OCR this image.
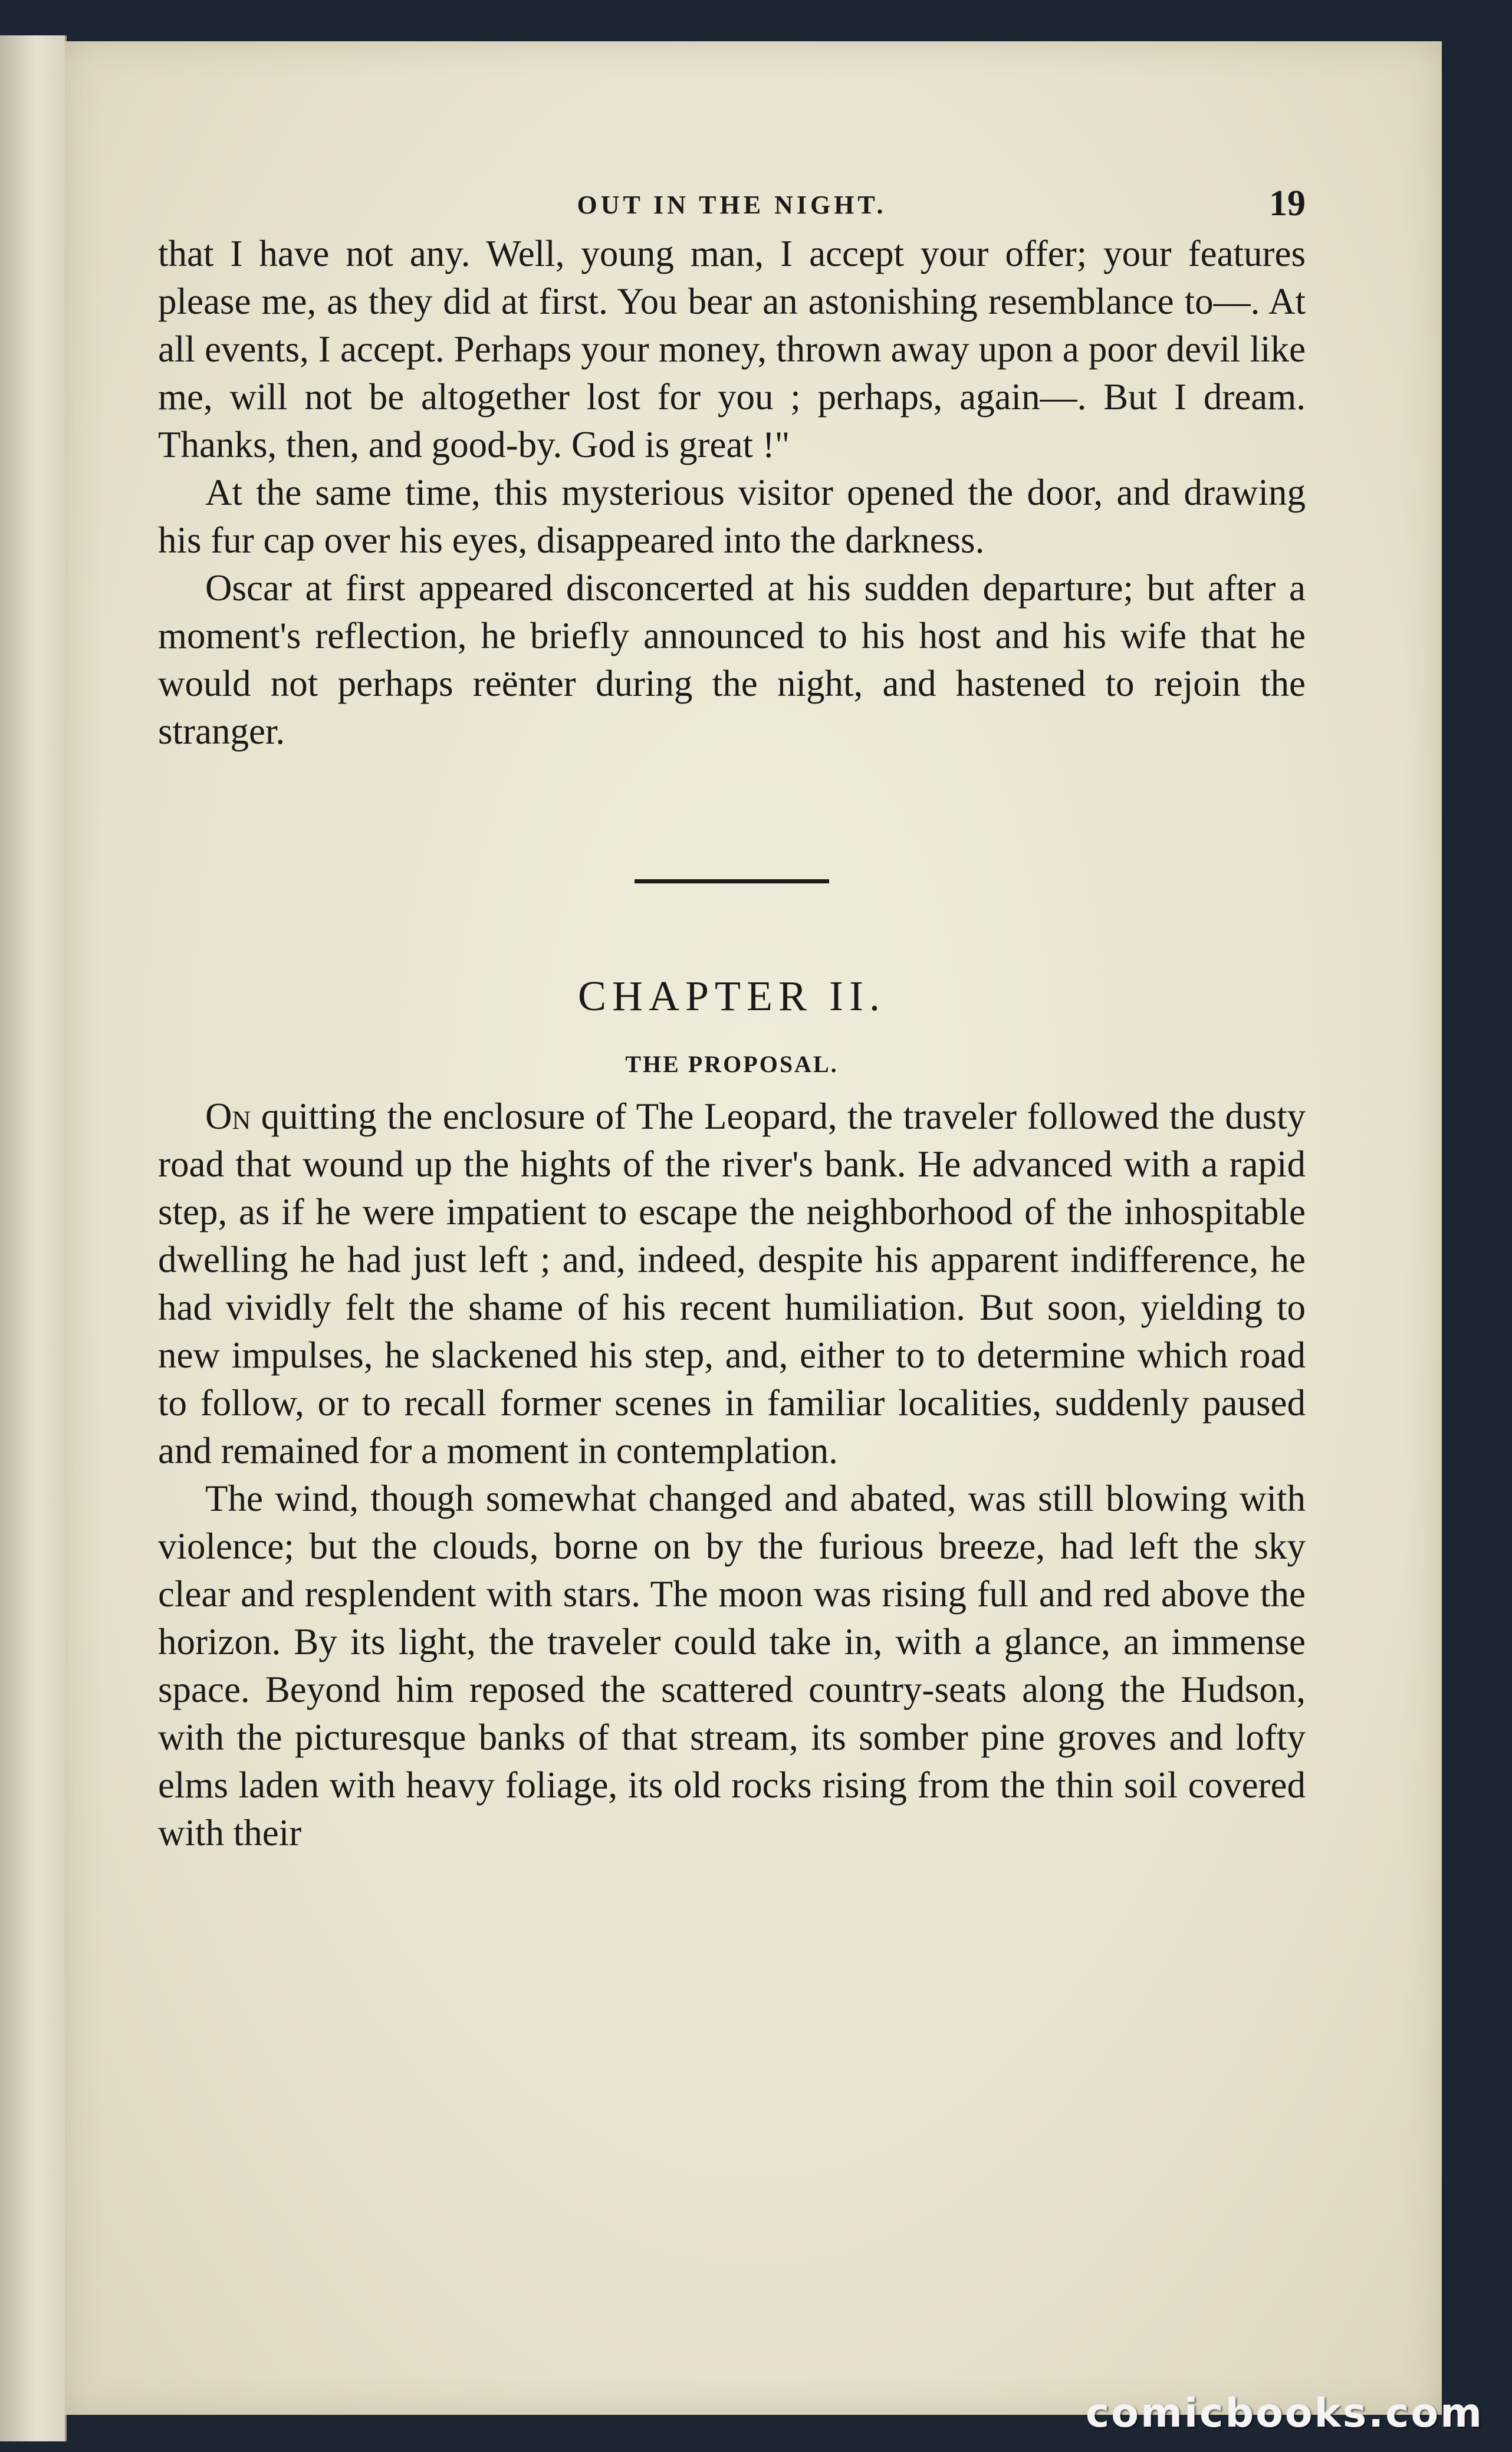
OUT IN THE NIGHT.	19

that I have not any. Well, young man, I accept your offer; your features please me, as they did at first. You bear an astonishing resemblance to—. At all events, I accept. Perhaps your money, thrown away upon a poor devil like me, will not be altogether lost for you ; perhaps, again—. But I dream. Thanks, then, and good-by. God is great !"

At the same time, this mysterious visitor opened the door, and drawing his fur cap over his eyes, disappeared into the darkness.

Oscar at first appeared disconcerted at his sudden departure; but after a moment's reflection, he briefly announced to his host and his wife that he would not perhaps reënter during the night, and hastened to rejoin the stranger.

CHAPTER II.
THE PROPOSAL.

On quitting the enclosure of The Leopard, the traveler followed the dusty road that wound up the hights of the river's bank. He advanced with a rapid step, as if he were impatient to escape the neighborhood of the inhospitable dwelling he had just left ; and, indeed, despite his apparent indifference, he had vividly felt the shame of his recent humiliation. But soon, yielding to new impulses, he slackened his step, and, either to to determine which road to follow, or to recall former scenes in familiar localities, suddenly paused and remained for a moment in contemplation.

The wind, though somewhat changed and abated, was still blowing with violence; but the clouds, borne on by the furious breeze, had left the sky clear and resplendent with stars. The moon was rising full and red above the horizon. By its light, the traveler could take in, with a glance, an immense space. Beyond him reposed the scattered country-seats along the Hudson, with the picturesque banks of that stream, its somber pine groves and lofty elms laden with heavy foliage, its old rocks rising from the thin soil covered with their

comicbooks.com
